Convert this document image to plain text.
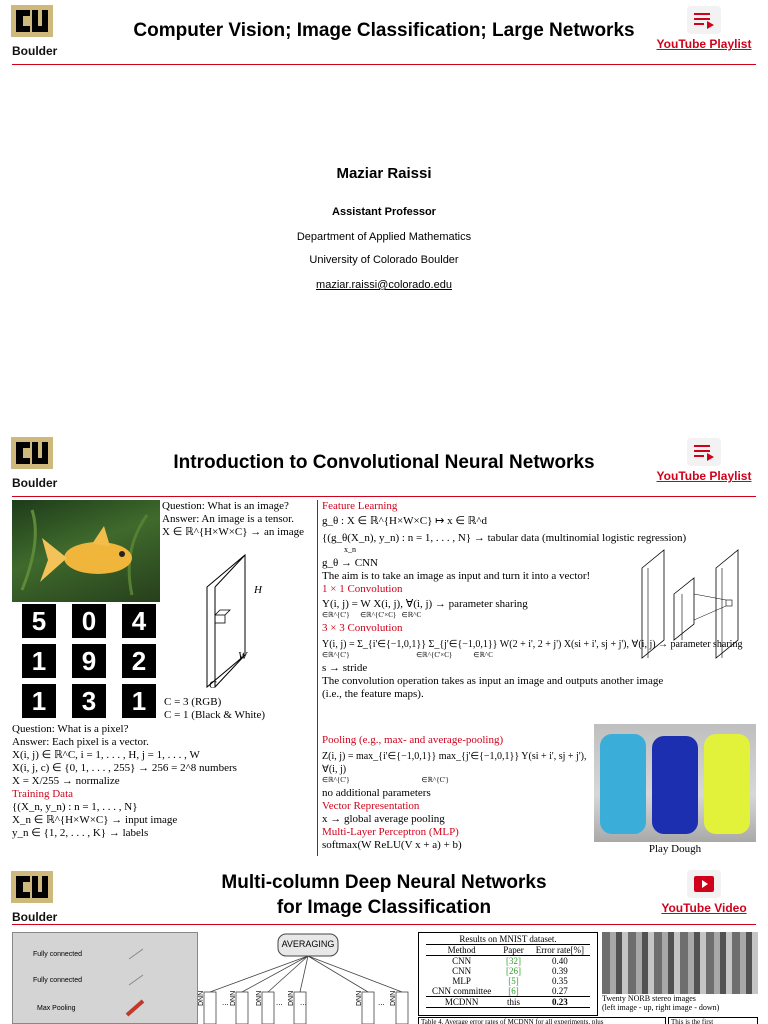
Boulder
Computer Vision; Image Classification; Large Networks
YouTube Playlist
Maziar Raissi
Assistant Professor
Department of Applied Mathematics
University of Colorado Boulder
maziar.raissi@colorado.edu
Boulder
Introduction to Convolutional Neural Networks
YouTube Playlist
5	0	4
1	9	2
1	3	1
Question: What is an image?
Answer: An image is a tensor.
X ∈ ℝ^{H×W×C} → an image
H
W
C
C = 3 (RGB)
C = 1 (Black & White)
Question: What is a pixel?
Answer: Each pixel is a vector.
X(i, j) ∈ ℝ^C, i = 1, . . . , H, j = 1, . . . , W
X(i, j, c) ∈ {0, 1, . . . , 255} → 256 = 2^8 numbers
X = X/255 → normalize
Training Data
{(X_n, y_n) : n = 1, . . . , N}
X_n ∈ ℝ^{H×W×C} → input image
y_n ∈ {1, 2, . . . , K} → labels
Feature Learning
g_θ : X ∈ ℝ^{H×W×C} ↦ x ∈ ℝ^d
{(g_θ(X_n), y_n) : n = 1, . . . , N} → tabular data (multinomial logistic regression)
x_n
g_θ → CNN
The aim is to take an image as input and turn it into a vector!
1 × 1 Convolution
Y(i, j) = W X(i, j), ∀(i, j) → parameter sharing
∈ℝ^{C'}      ∈ℝ^{C'×C}   ∈ℝ^C
3 × 3 Convolution
Y(i, j) = Σ_{i'∈{−1,0,1}} Σ_{j'∈{−1,0,1}} W(2 + i', 2 + j') X(si + i', sj + j'), ∀(i, j) → parameter sharing
∈ℝ^{C'}                                      ∈ℝ^{C'×C}            ∈ℝ^C
s → stride
The convolution operation takes as input an image and outputs another image
(i.e., the feature maps).
Pooling (e.g., max- and average-pooling)
Z(i, j) = max_{i'∈{−1,0,1}} max_{j'∈{−1,0,1}} Y(si + i', sj + j'), ∀(i, j)
∈ℝ^{C'}                                         ∈ℝ^{C'}
no additional parameters
Vector Representation
x → global average pooling
Multi-Layer Perceptron (MLP)
softmax(W ReLU(V x + a) + b)	Play Dough
Boulder
Multi-column Deep Neural Networks
for Image Classification	YouTube Video
Fully connected
Fully connected
Max Pooling
AVERAGING
DNN	DNN	DNN	DNN	DNN	DNN
...	... ...	...
Results on MNIST dataset.
Method	Paper	Error rate[%]
CNN	[32]	0.40
CNN	[26]	0.39
MLP	[5]	0.35
CNN committee	[6]	0.27
MCDNN	this	0.23	Twenty NORB stereo images
(left image - up, right image - down)
Table 4. Average error rates of MCDNN for all experiments, plus	This is the first
